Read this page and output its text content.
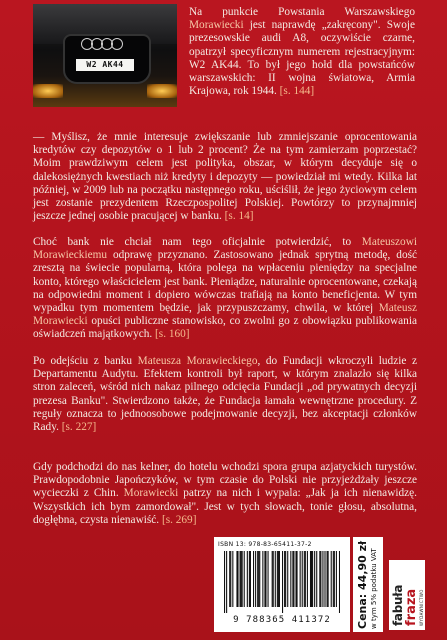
W2 AK44

Na punkcie Powstania Warszawskiego Morawiecki jest naprawdę „zakręcony". Swoje prezesowskie audi A8, oczywiście czarne, opatrzył specyficznym numerem rejestracyjnym: W2 AK44. To był jego hołd dla powstańców warszawskich: II wojna światowa, Armia Krajowa, rok 1944. [s. 144]

— Myślisz, że mnie interesuje zwiększanie lub zmniejszanie oprocentowania kredytów czy depozytów o 1 lub 2 procent? Że na tym zamierzam poprzestać? Moim prawdziwym celem jest polityka, obszar, w którym decyduje się o dalekosiężnych kwestiach niż kredyty i depozyty — powiedział mi wtedy. Kilka lat później, w 2009 lub na początku następnego roku, uściślił, że jego życiowym celem jest zostanie prezydentem Rzeczpospolitej Polskiej. Powtórzy to przynajmniej jeszcze jednej osobie pracującej w banku. [s. 14]

Choć bank nie chciał nam tego oficjalnie potwierdzić, to Mateuszowi Morawieckiemu odprawę przyznano. Zastosowano jednak sprytną metodę, dość zresztą na świecie popularną, która polega na wpłaceniu pieniędzy na specjalne konto, którego właścicielem jest bank. Pieniądze, naturalnie oprocentowane, czekają na odpowiedni moment i dopiero wówczas trafiają na konto beneficjenta. W tym wypadku tym momentem będzie, jak przypuszczamy, chwila, w której Mateusz Morawiecki opuści publiczne stanowisko, co zwolni go z obowiązku publikowania oświadczeń majątkowych. [s. 160]

Po odejściu z banku Mateusza Morawieckiego, do Fundacji wkroczyli ludzie z Departamentu Audytu. Efektem kontroli był raport, w którym znalazło się kilka stron zaleceń, wśród nich nakaz pilnego odcięcia Fundacji „od prywatnych decyzji prezesa Banku". Stwierdzono także, że Fundacja łamała wewnętrzne procedury. Z reguły oznacza to jednoosobowe podejmowanie decyzji, bez akceptacji członków Rady. [s. 227]

Gdy podchodzi do nas kelner, do hotelu wchodzi spora grupa azjatyckich turystów. Prawdopodobnie Japończyków, w tym czasie do Polski nie przyjeżdżały jeszcze wycieczki z Chin. Morawiecki patrzy na nich i wypala: „Jak ja ich nienawidzę. Wszystkich ich bym zamordował". Jest w tych słowach, tonie głosu, absolutna, dogłębna, czysta nienawiść. [s. 269]

ISBN 13: 978-83-65411-37-2
9 788365 411372	Cena: 44,90 zł w tym 5% podatku VAT fabuła fraza WYDAWNICTWO
